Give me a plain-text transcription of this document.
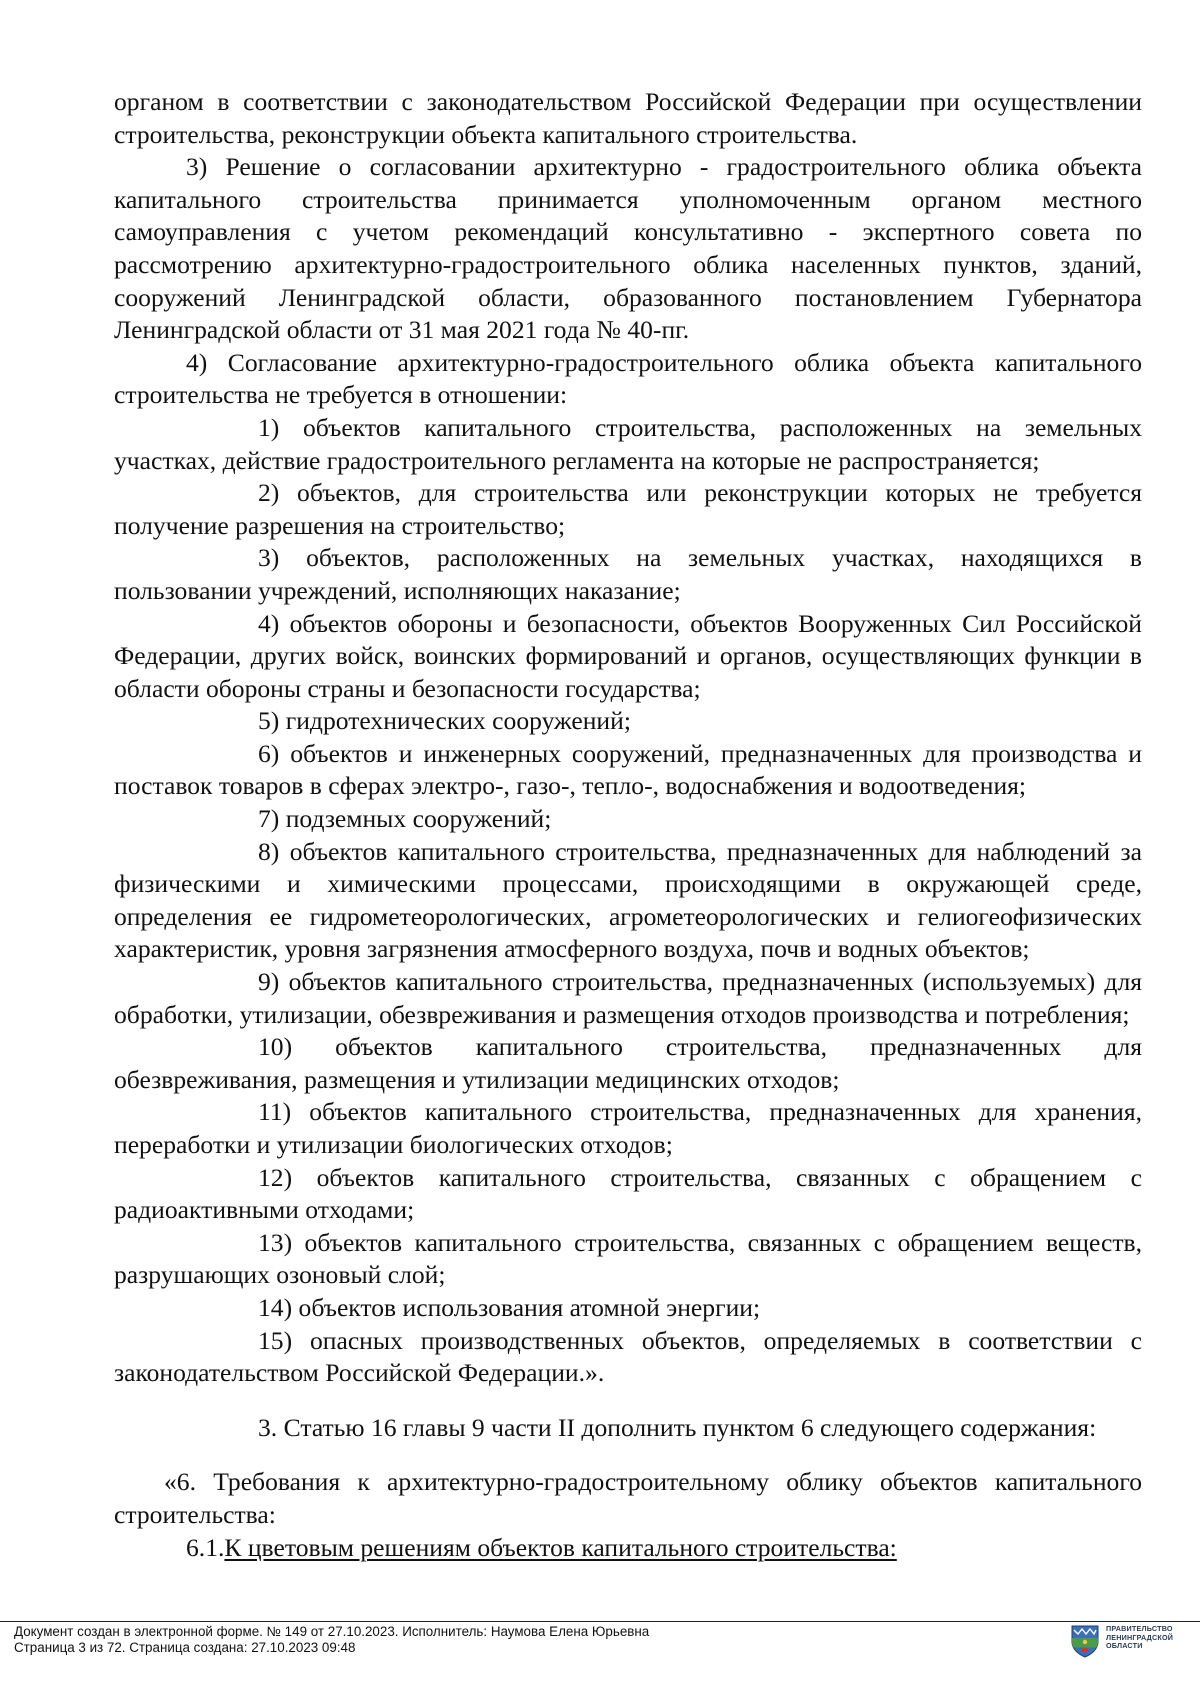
органом в соответствии с законодательством Российской Федерации при осуществлении строительства, реконструкции объекта капитального строительства.

3) Решение о согласовании архитектурно - градостроительного облика объекта капитального строительства принимается уполномоченным органом местного самоуправления с учетом рекомендаций консультативно - экспертного совета по рассмотрению архитектурно-градостроительного облика населенных пунктов, зданий, сооружений Ленинградской области, образованного постановлением Губернатора Ленинградской области от 31 мая 2021 года № 40-пг.

4) Согласование архитектурно-градостроительного облика объекта капитального строительства не требуется в отношении:

1) объектов капитального строительства, расположенных на земельных участках, действие градостроительного регламента на которые не распространяется;

2) объектов, для строительства или реконструкции которых не требуется получение разрешения на строительство;

3) объектов, расположенных на земельных участках, находящихся в пользовании учреждений, исполняющих наказание;

4) объектов обороны и безопасности, объектов Вооруженных Сил Российской Федерации, других войск, воинских формирований и органов, осуществляющих функции в области обороны страны и безопасности государства;

5) гидротехнических сооружений;

6) объектов и инженерных сооружений, предназначенных для производства и поставок товаров в сферах электро-, газо-, тепло-, водоснабжения и водоотведения;

7) подземных сооружений;

8) объектов капитального строительства, предназначенных для наблюдений за физическими и химическими процессами, происходящими в окружающей среде, определения ее гидрометеорологических, агрометеорологических и гелиогеофизических характеристик, уровня загрязнения атмосферного воздуха, почв и водных объектов;

9) объектов капитального строительства, предназначенных (используемых) для обработки, утилизации, обезвреживания и размещения отходов производства и потребления;

10) объектов капитального строительства, предназначенных для обезвреживания, размещения и утилизации медицинских отходов;

11) объектов капитального строительства, предназначенных для хранения, переработки и утилизации биологических отходов;

12) объектов капитального строительства, связанных с обращением с радиоактивными отходами;

13) объектов капитального строительства, связанных с обращением веществ, разрушающих озоновый слой;

14) объектов использования атомной энергии;

15) опасных производственных объектов, определяемых в соответствии с законодательством Российской Федерации.».

3. Статью 16 главы 9 части II дополнить пунктом 6 следующего содержания:

«6. Требования к архитектурно-градостроительному облику объектов капитального строительства:

6.1.К цветовым решениям объектов капитального строительства:

Документ создан в электронной форме. № 149 от 27.10.2023. Исполнитель: Наумова Елена Юрьевна
Страница 3 из 72. Страница создана: 27.10.2023 09:48
ПРАВИТЕЛЬСТВО
ЛЕНИНГРАДСКОЙ
ОБЛАСТИ
